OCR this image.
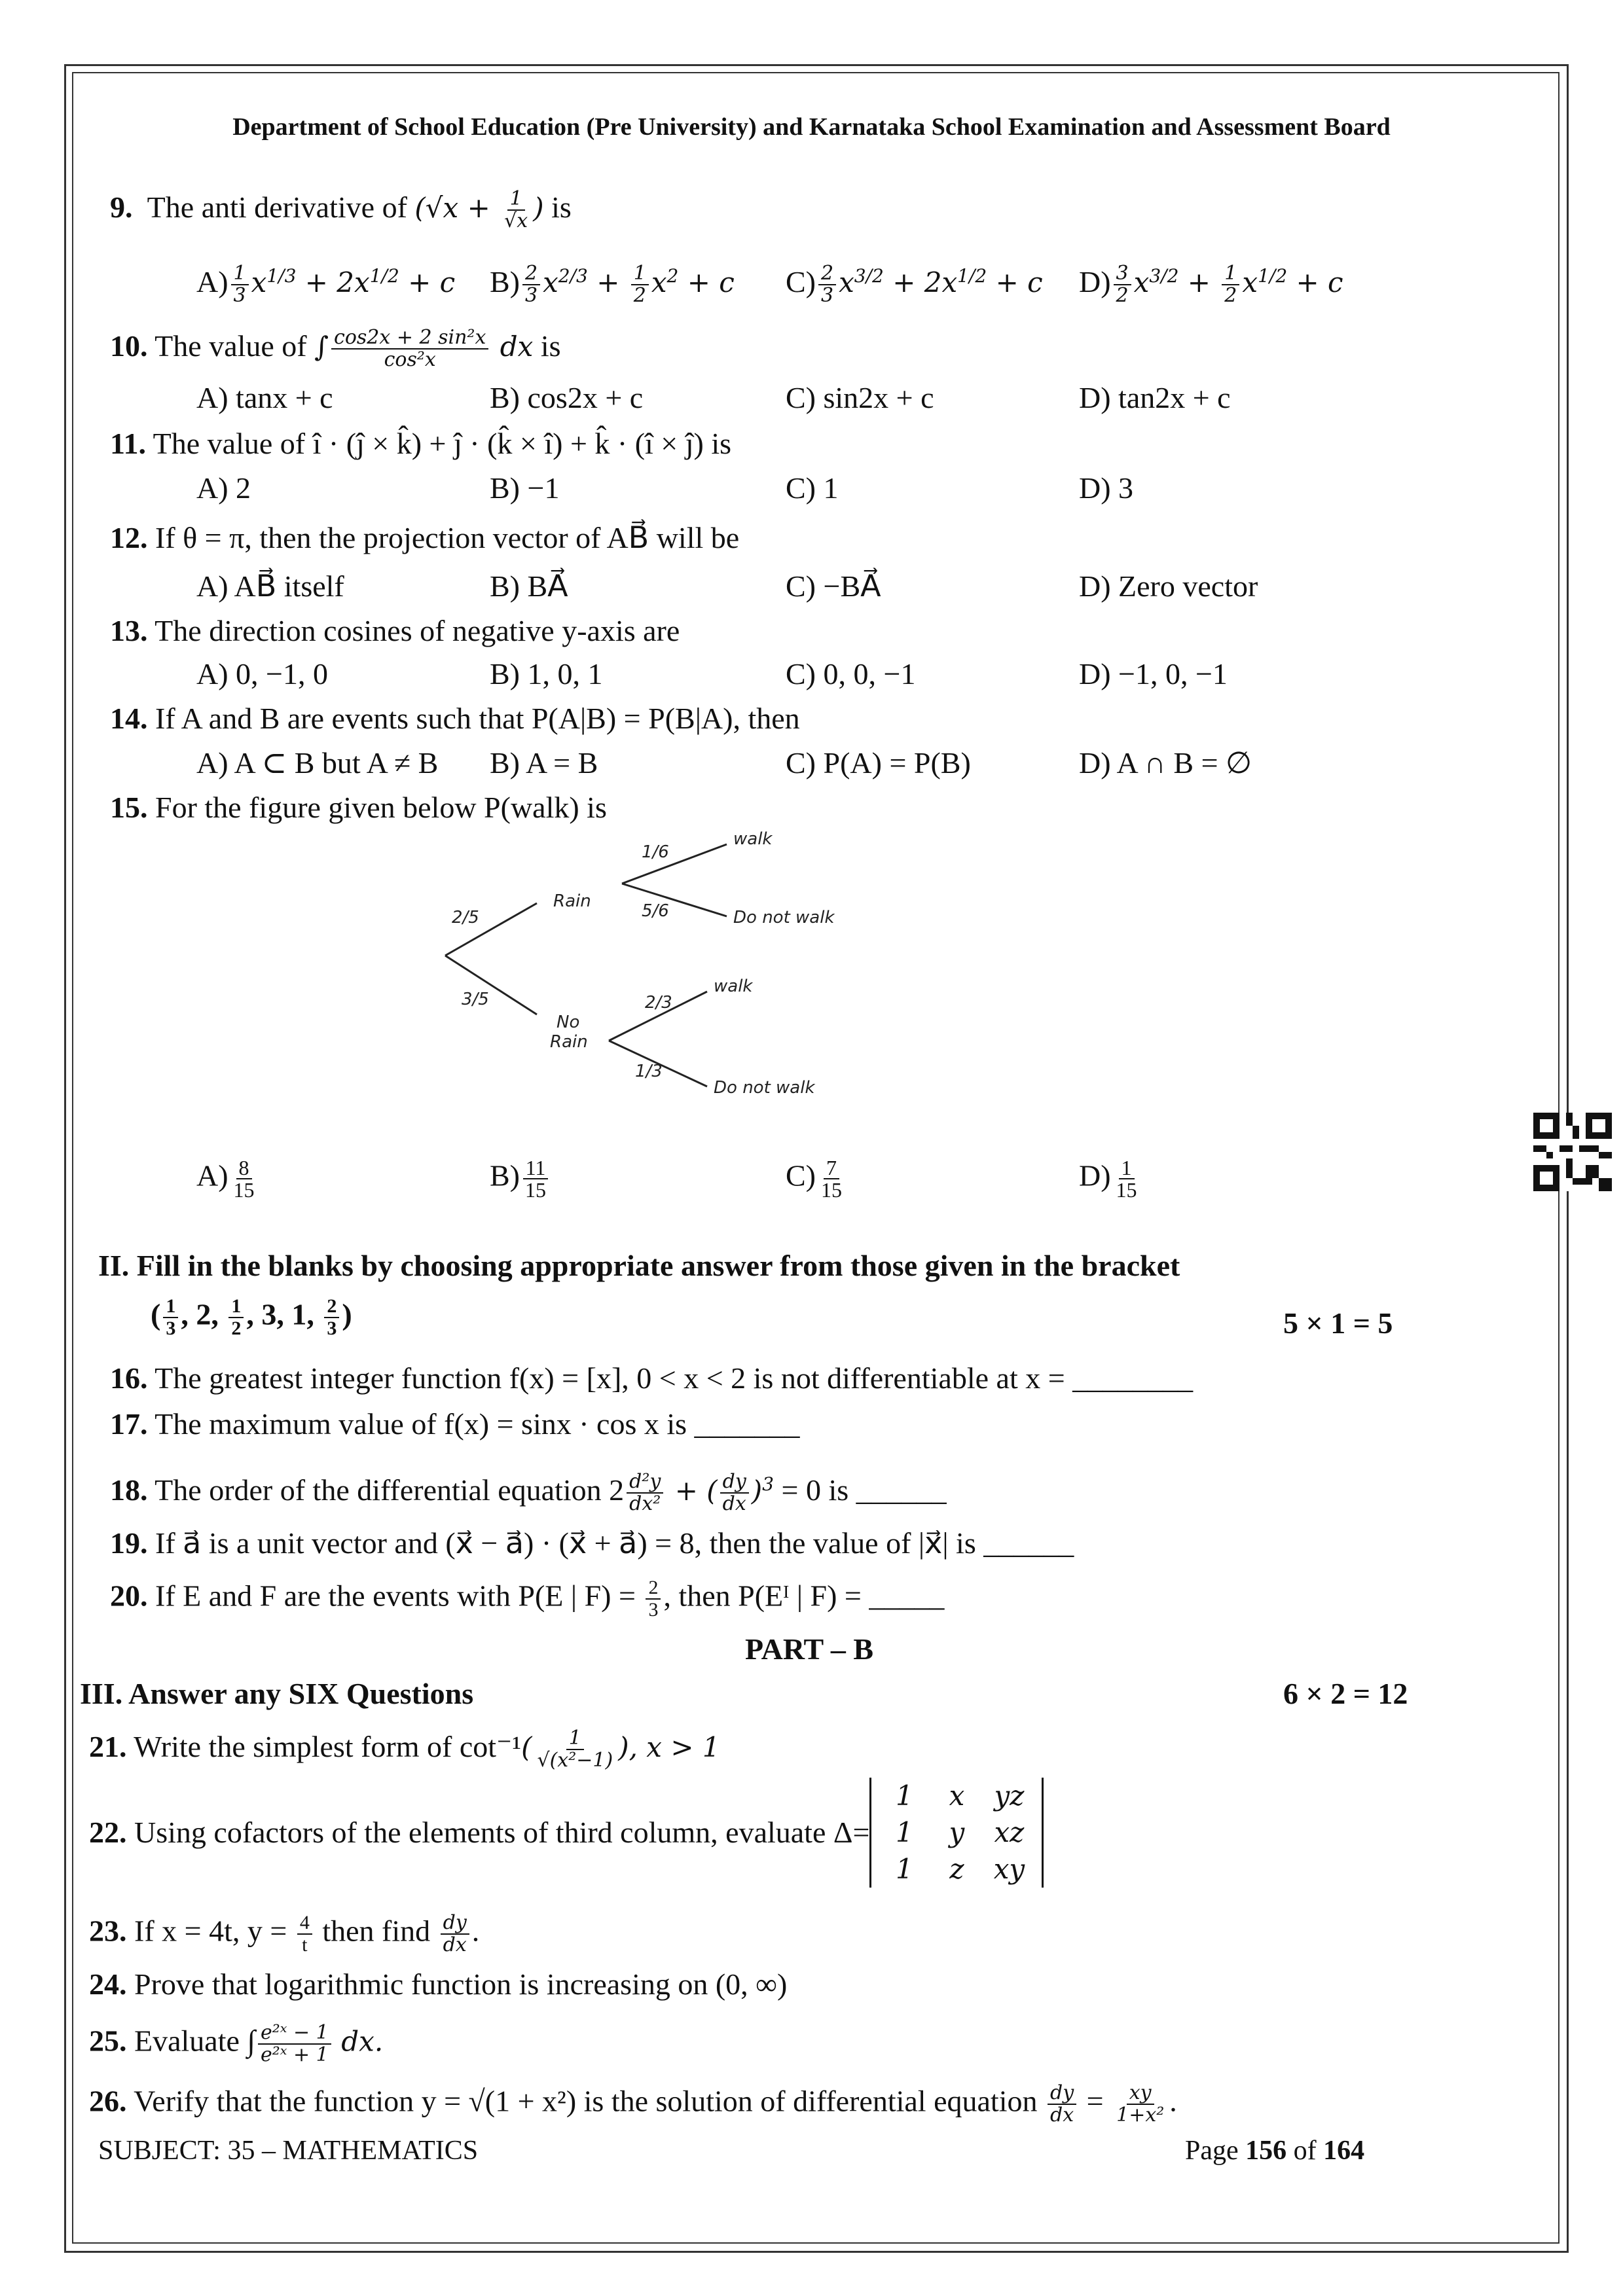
Department of School Education (Pre University) and Karnataka School Examination and Assessment Board
9. The anti derivative of ($√x + \frac{1}{√x}$ ) is
$A) \frac{1}{3} x^{1/3} + 2x^{1/2} + c$ $B) \frac{2}{3} x^{2/3} + \frac{1}{2} x^2 + c$ $C) \frac{2}{3} x^{3/2} + 2x^{1/2} + c$ $D) \frac{3}{2} x^{3/2} + \frac{1}{2} x^{1/2} + c$
10. The value of ∫ $\frac{\text{cos2x + 2 sin²x}}{\text{cos²x}}$ dx is
A) tanx + c	B) cos2x + c	C) sin2x + c	D) tan2x + c
11. The value of î · (ĵ × k̂) + ĵ · (k̂ × î) + k̂ · (î × ĵ) is
A) 2	B) −1	C) 1	D) 3
12. If θ = π, then the projection vector of AB⃗ will be
A) AB⃗ itself	B) BA⃗	C) −BA⃗	D) Zero vector
13. The direction cosines of negative y-axis are
A) 0, −1, 0	B) 1, 0, 1	C) 0, 0, −1	D) −1, 0, −1
14. If A and B are events such that P(A|B) = P(B|A), then
A) A ⊂ B but A ≠ B B) A = B	C) P(A) = P(B)	D) A ∩ B = ∅
15. For the figure given below P(walk) is
Rain
No
Rain
walk
Do not walk
walk
Do not walk
2/5
3/5
1/6
5/6
2/3
1/3
$A) \frac{8}{15}$	$B) \frac{11}{15}$	$C) \frac{7}{15}$	$D) \frac{1}{15}$
II. Fill in the blanks by choosing appropriate answer from those given in the bracket
( $\frac{1}{3}$ , 2, $\frac{1}{2}$ , 3, 1, $\frac{2}{3}$ )	5 × 1 = 5
16. The greatest integer function f(x) = [x], 0 < x < 2 is not differentiable at x = ________
17. The maximum value of f(x) = sinx · cos x is _______
18. The order of the differential equation $2 \frac{\text{d²y}}{\text{dx²}}$ + ( $\frac{dy}{dx} )^3 = 0$ is ______
19. If a⃗ is a unit vector and (x⃗ − a⃗) · (x⃗ + a⃗) = 8, then the value of |x⃗| is ______
20. If E and F are the events with P(E | $F) = \frac{2}{3}$ , then P(Eᴵ | F) = _____
PART – B
III. Answer any SIX Questions	6 × 2 = 12
21. Write the simplest form of $\cot^{-1}( \frac{1}{\text{√(x²−1)}}$ ), x > 1
22.
Using cofactors of the elements of third column, evaluate Δ=
1 x yz
1 y xz
1 z xy
23. If x = 4t, $y = \frac{4}{t}$ then find $\frac{dy}{dx}$ .
24. Prove that logarithmic function is increasing on (0, ∞)
25. Evaluate ∫ $\frac{\text{e²ˣ − 1}}{\text{e²ˣ + 1}}$ dx.
26. Verify that the function y = √(1 + x²) is the solution of differential equation $\frac{dy}{dx} = \frac{xy}{\text{1+x²}}$ .
SUBJECT: 35 – MATHEMATICS	Page 156 of 164
